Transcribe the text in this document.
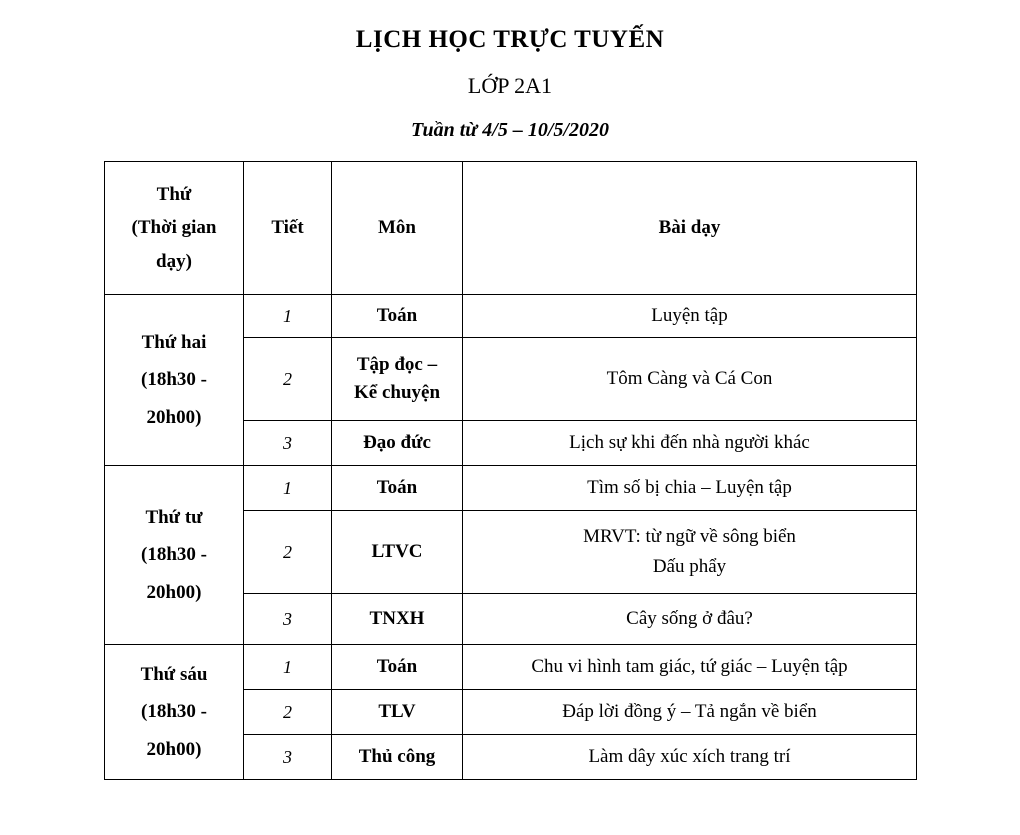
LỊCH HỌC TRỰC TUYẾN
LỚP 2A1
Tuần từ 4/5 – 10/5/2020
Thứ
(Thời gian
dạy)	Tiết	Môn	Bài dạy

Thứ hai
(18h30 -
20h00)	1	Toán	Luyện tập

	2	Tập đọc –
Kể chuyện	Tôm Càng và Cá Con

	3	Đạo đức	Lịch sự khi đến nhà người khác

Thứ tư
(18h30 -
20h00)	1	Toán	Tìm số bị chia – Luyện tập

	2	LTVC	MRVT: từ ngữ về sông biển
Dấu phẩy

	3	TNXH	Cây sống ở đâu?

Thứ sáu
(18h30 -
20h00)	1	Toán	Chu vi hình tam giác, tứ giác – Luyện tập

	2	TLV	Đáp lời đồng ý – Tả ngắn về biển

	3	Thủ công	Làm dây xúc xích trang trí
